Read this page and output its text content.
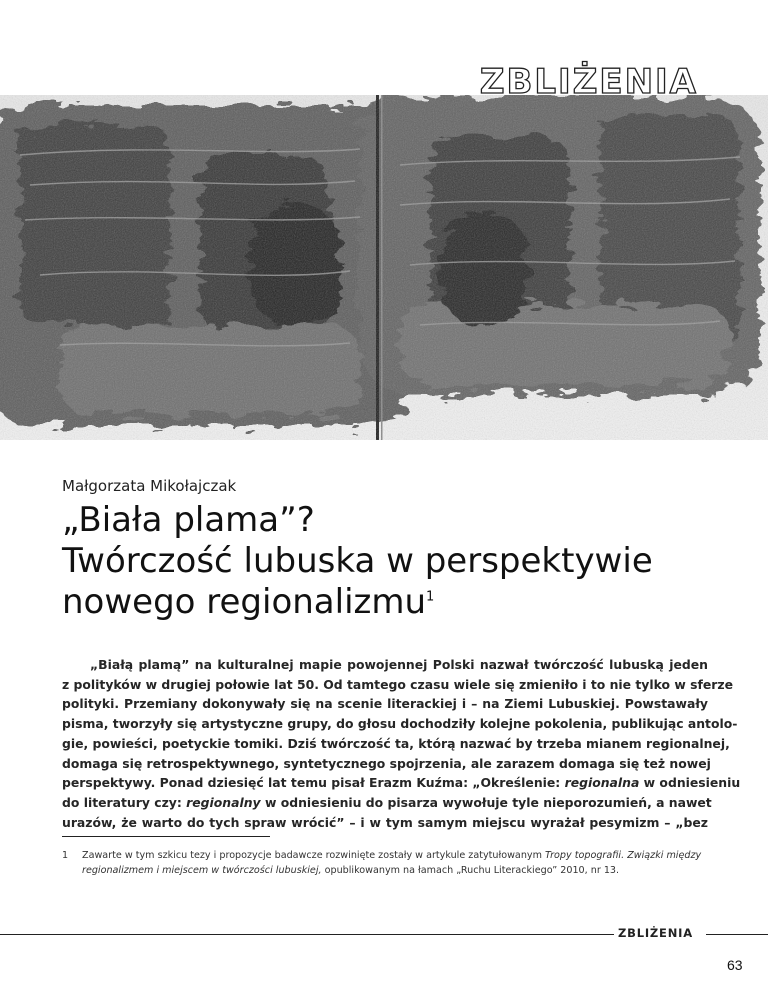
ZBLIŻENIA
Małgorzata Mikołajczak
„Biała plama”?
Twórczość lubuska w perspektywie
nowego regionalizmu$^1$
„Białą plamą” na kulturalnej mapie powojennej Polski nazwał twórczość lubuską jeden
z polityków w drugiej połowie lat 50. Od tamtego czasu wiele się zmieniło i to nie tylko w sferze
polityki. Przemiany dokonywały się na scenie literackiej i – na Ziemi Lubuskiej. Powstawały
pisma, tworzyły się artystyczne grupy, do głosu dochodziły kolejne pokolenia, publikując antolo-
gie, powieści, poetyckie tomiki. Dziś twórczość ta, którą nazwać by trzeba mianem regionalnej,
domaga się retrospektywnego, syntetycznego spojrzenia, ale zarazem domaga się też nowej
perspektywy. Ponad dziesięć lat temu pisał Erazm Kuźma: „Określenie: regionalna w odniesieniu
do literatury czy: regionalny w odniesieniu do pisarza wywołuje tyle nieporozumień, a nawet
urazów, że warto do tych spraw wrócić” – i w tym samym miejscu wyrażał pesymizm – „bez
1 Zawarte w tym szkicu tezy i propozycje badawcze rozwinięte zostały w artykule zatytułowanym Tropy topografii. Związki między regionalizmem i miejscem w twórczości lubuskiej, opublikowanym na łamach „Ruchu Literackiego” 2010, nr 13.
ZBLIŻENIA
63
